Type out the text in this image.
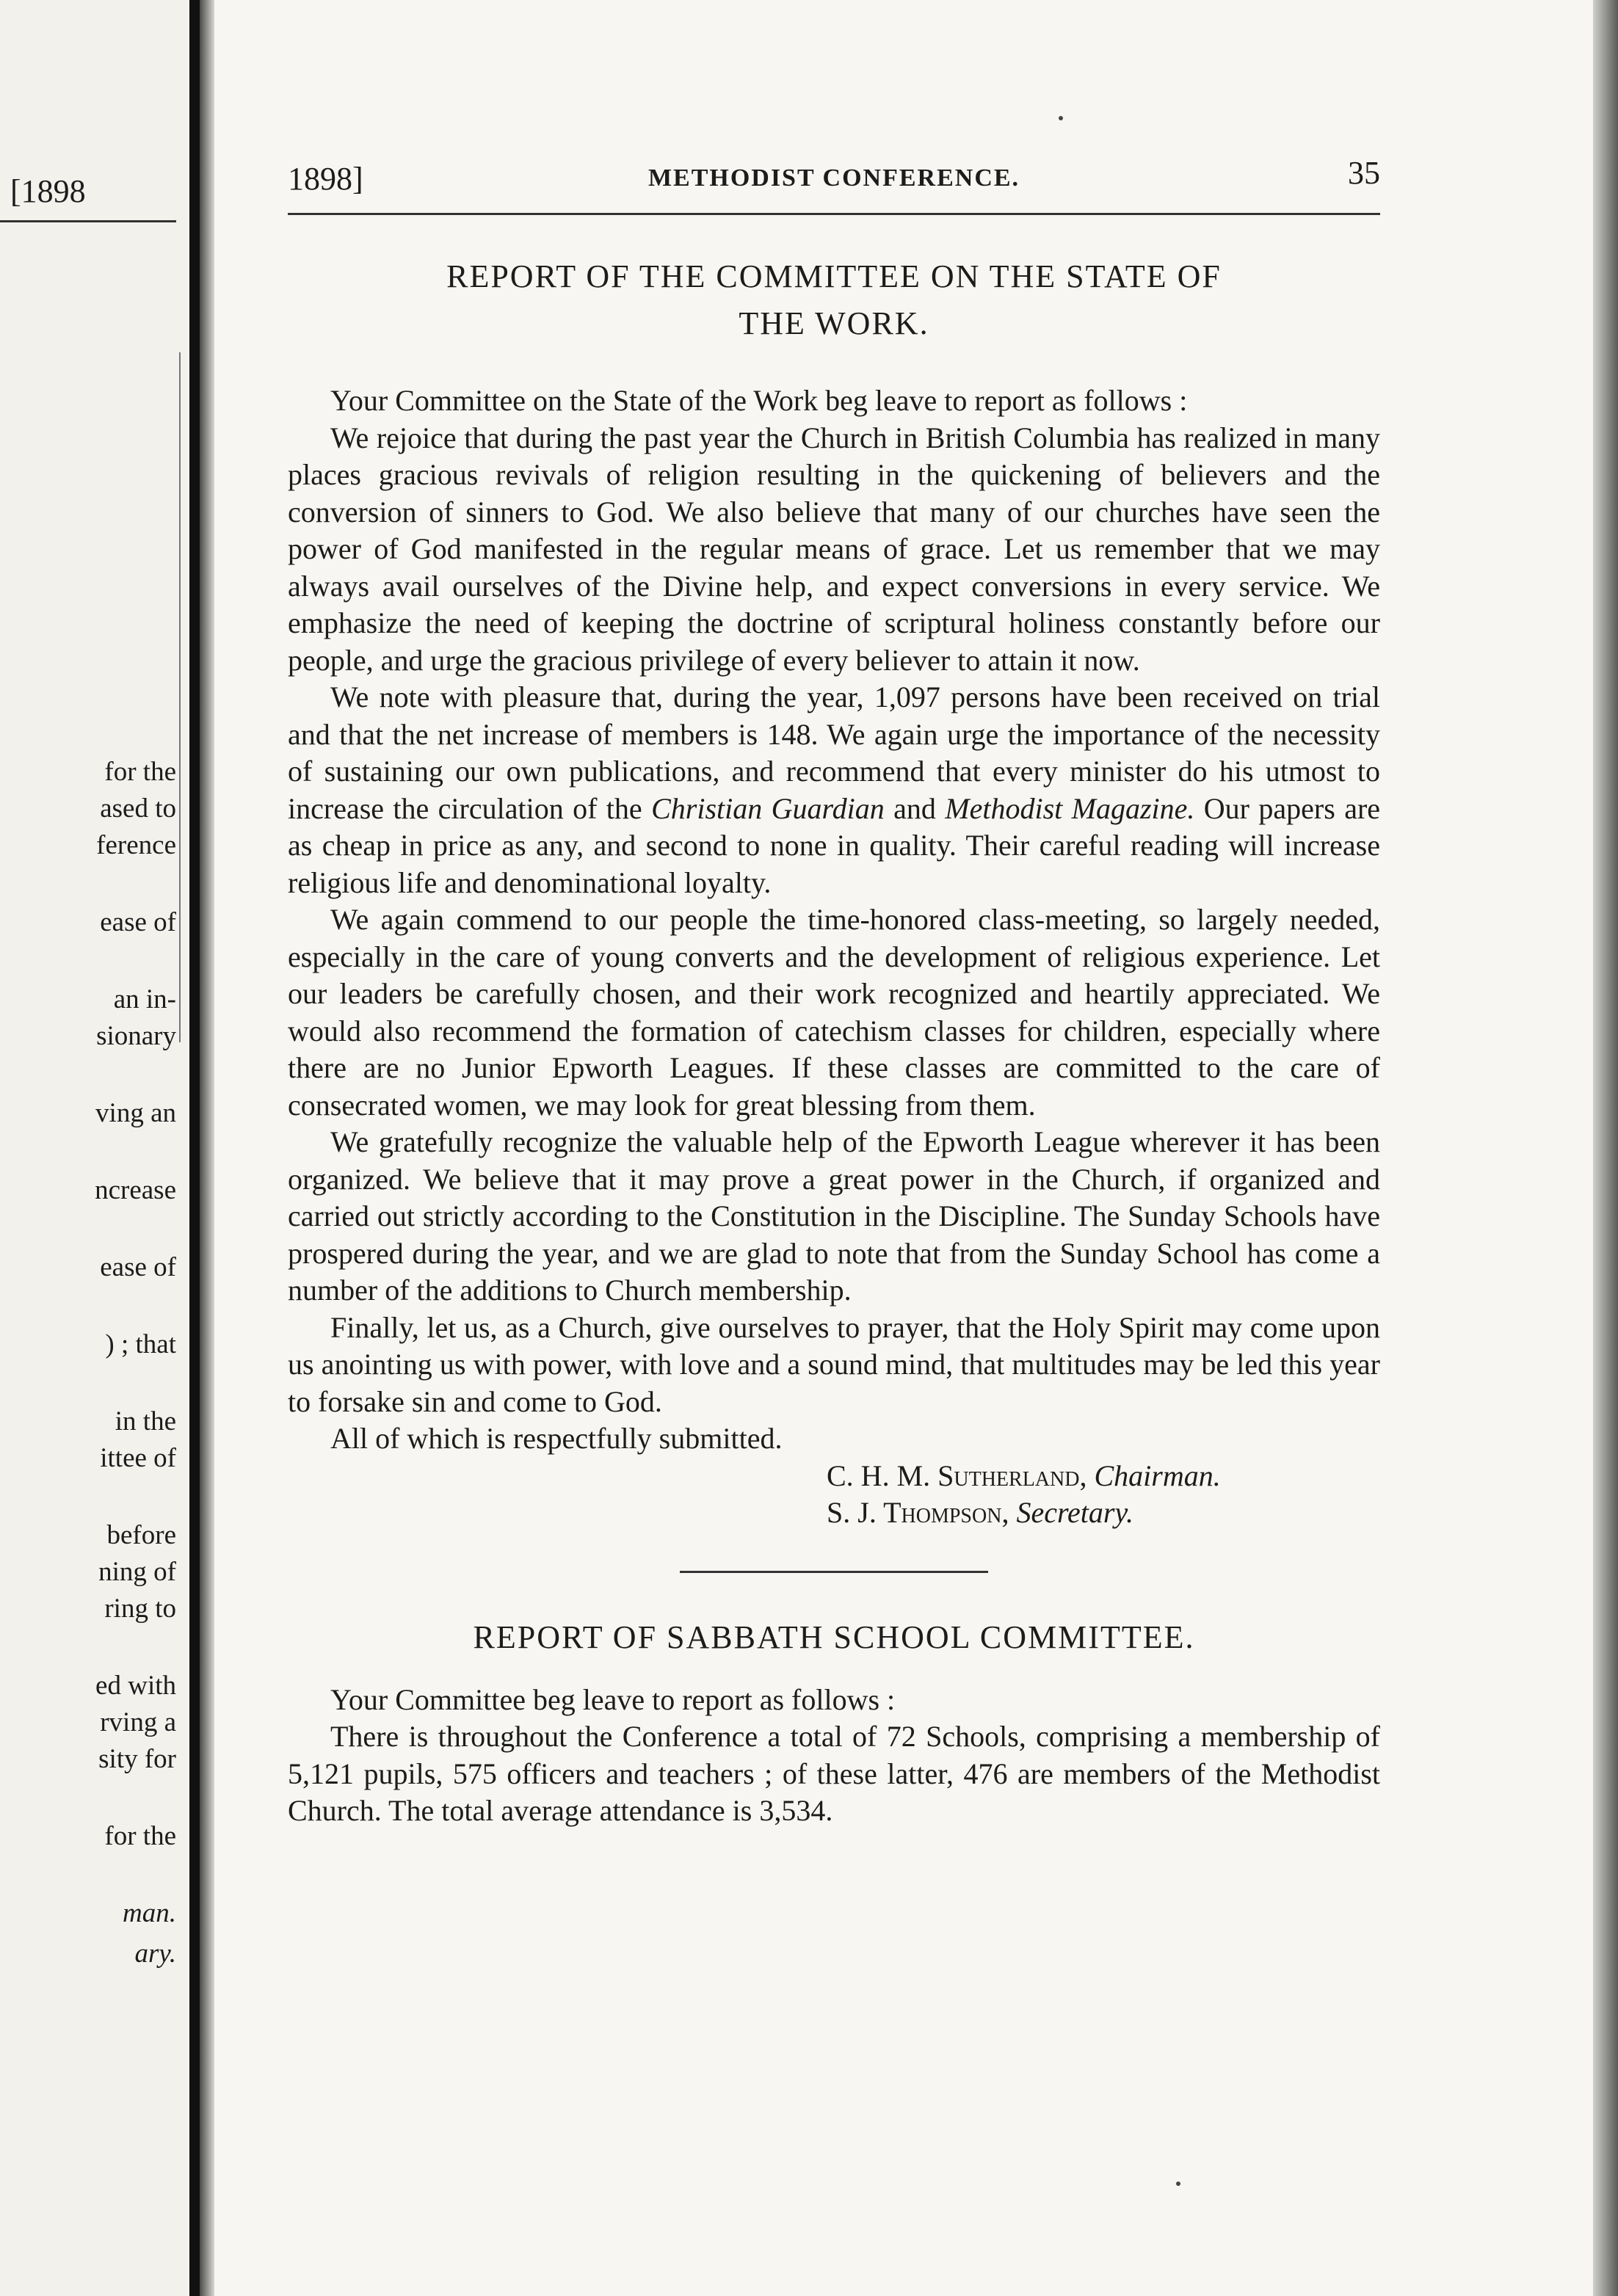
[1898
for the
ased to
ference
ease of
an in-
sionary
ving an
ncrease
ease of
) ; that
in the
ittee of
before
ning of
ring to
ed with
rving a
sity for
for the
man.
ary.
1898]	METHODIST CONFERENCE.	35
REPORT OF THE COMMITTEE ON THE STATE OF
THE WORK.

Your Committee on the State of the Work beg leave to report as follows :

We rejoice that during the past year the Church in British Columbia has realized in many places gracious revivals of religion resulting in the quickening of believers and the conversion of sinners to God. We also believe that many of our churches have seen the power of God manifested in the regular means of grace. Let us remember that we may always avail ourselves of the Divine help, and expect conversions in every service. We emphasize the need of keeping the doctrine of scriptural holiness constantly before our people, and urge the gracious privilege of every believer to attain it now.

We note with pleasure that, during the year, 1,097 persons have been received on trial and that the net increase of members is 148. We again urge the importance of the necessity of sustaining our own publications, and recommend that every minister do his utmost to increase the circulation of the Christian Guardian and Methodist Magazine. Our papers are as cheap in price as any, and second to none in quality. Their careful reading will increase religious life and denominational loyalty.

We again commend to our people the time-honored class-meeting, so largely needed, especially in the care of young converts and the development of religious experience. Let our leaders be carefully chosen, and their work recognized and heartily appreciated. We would also recommend the formation of catechism classes for children, especially where there are no Junior Epworth Leagues. If these classes are committed to the care of consecrated women, we may look for great blessing from them.

We gratefully recognize the valuable help of the Epworth League wherever it has been organized. We believe that it may prove a great power in the Church, if organized and carried out strictly according to the Constitution in the Discipline. The Sunday Schools have prospered during the year, and we are glad to note that from the Sunday School has come a number of the additions to Church membership.

Finally, let us, as a Church, give ourselves to prayer, that the Holy Spirit may come upon us anointing us with power, with love and a sound mind, that multitudes may be led this year to forsake sin and come to God.

All of which is respectfully submitted.

C. H. M. Sutherland, Chairman.

S. J. Thompson, Secretary.

REPORT OF SABBATH SCHOOL COMMITTEE.

Your Committee beg leave to report as follows :

There is throughout the Conference a total of 72 Schools, comprising a membership of 5,121 pupils, 575 officers and teachers ; of these latter, 476 are members of the Methodist Church. The total average attendance is 3,534.
